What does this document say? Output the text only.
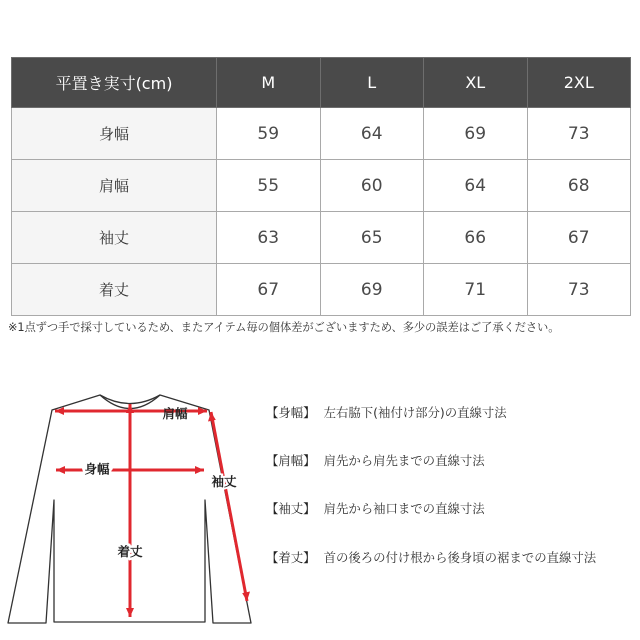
平置き実寸(cm)	M	L	XL	2XL
身幅	59	64	69	73
肩幅	55	60	64	68
袖丈	63	65	66	67
着丈	67	69	71	73
※1点ずつ手で採寸しているため、またアイテム毎の個体差がございますため、多少の誤差はご了承ください。
肩幅
身幅
袖丈
着丈
【身幅】 左右脇下(袖付け部分)の直線寸法
【肩幅】 肩先から肩先までの直線寸法
【袖丈】 肩先から袖口までの直線寸法
【着丈】 首の後ろの付け根から後身頃の裾までの直線寸法
